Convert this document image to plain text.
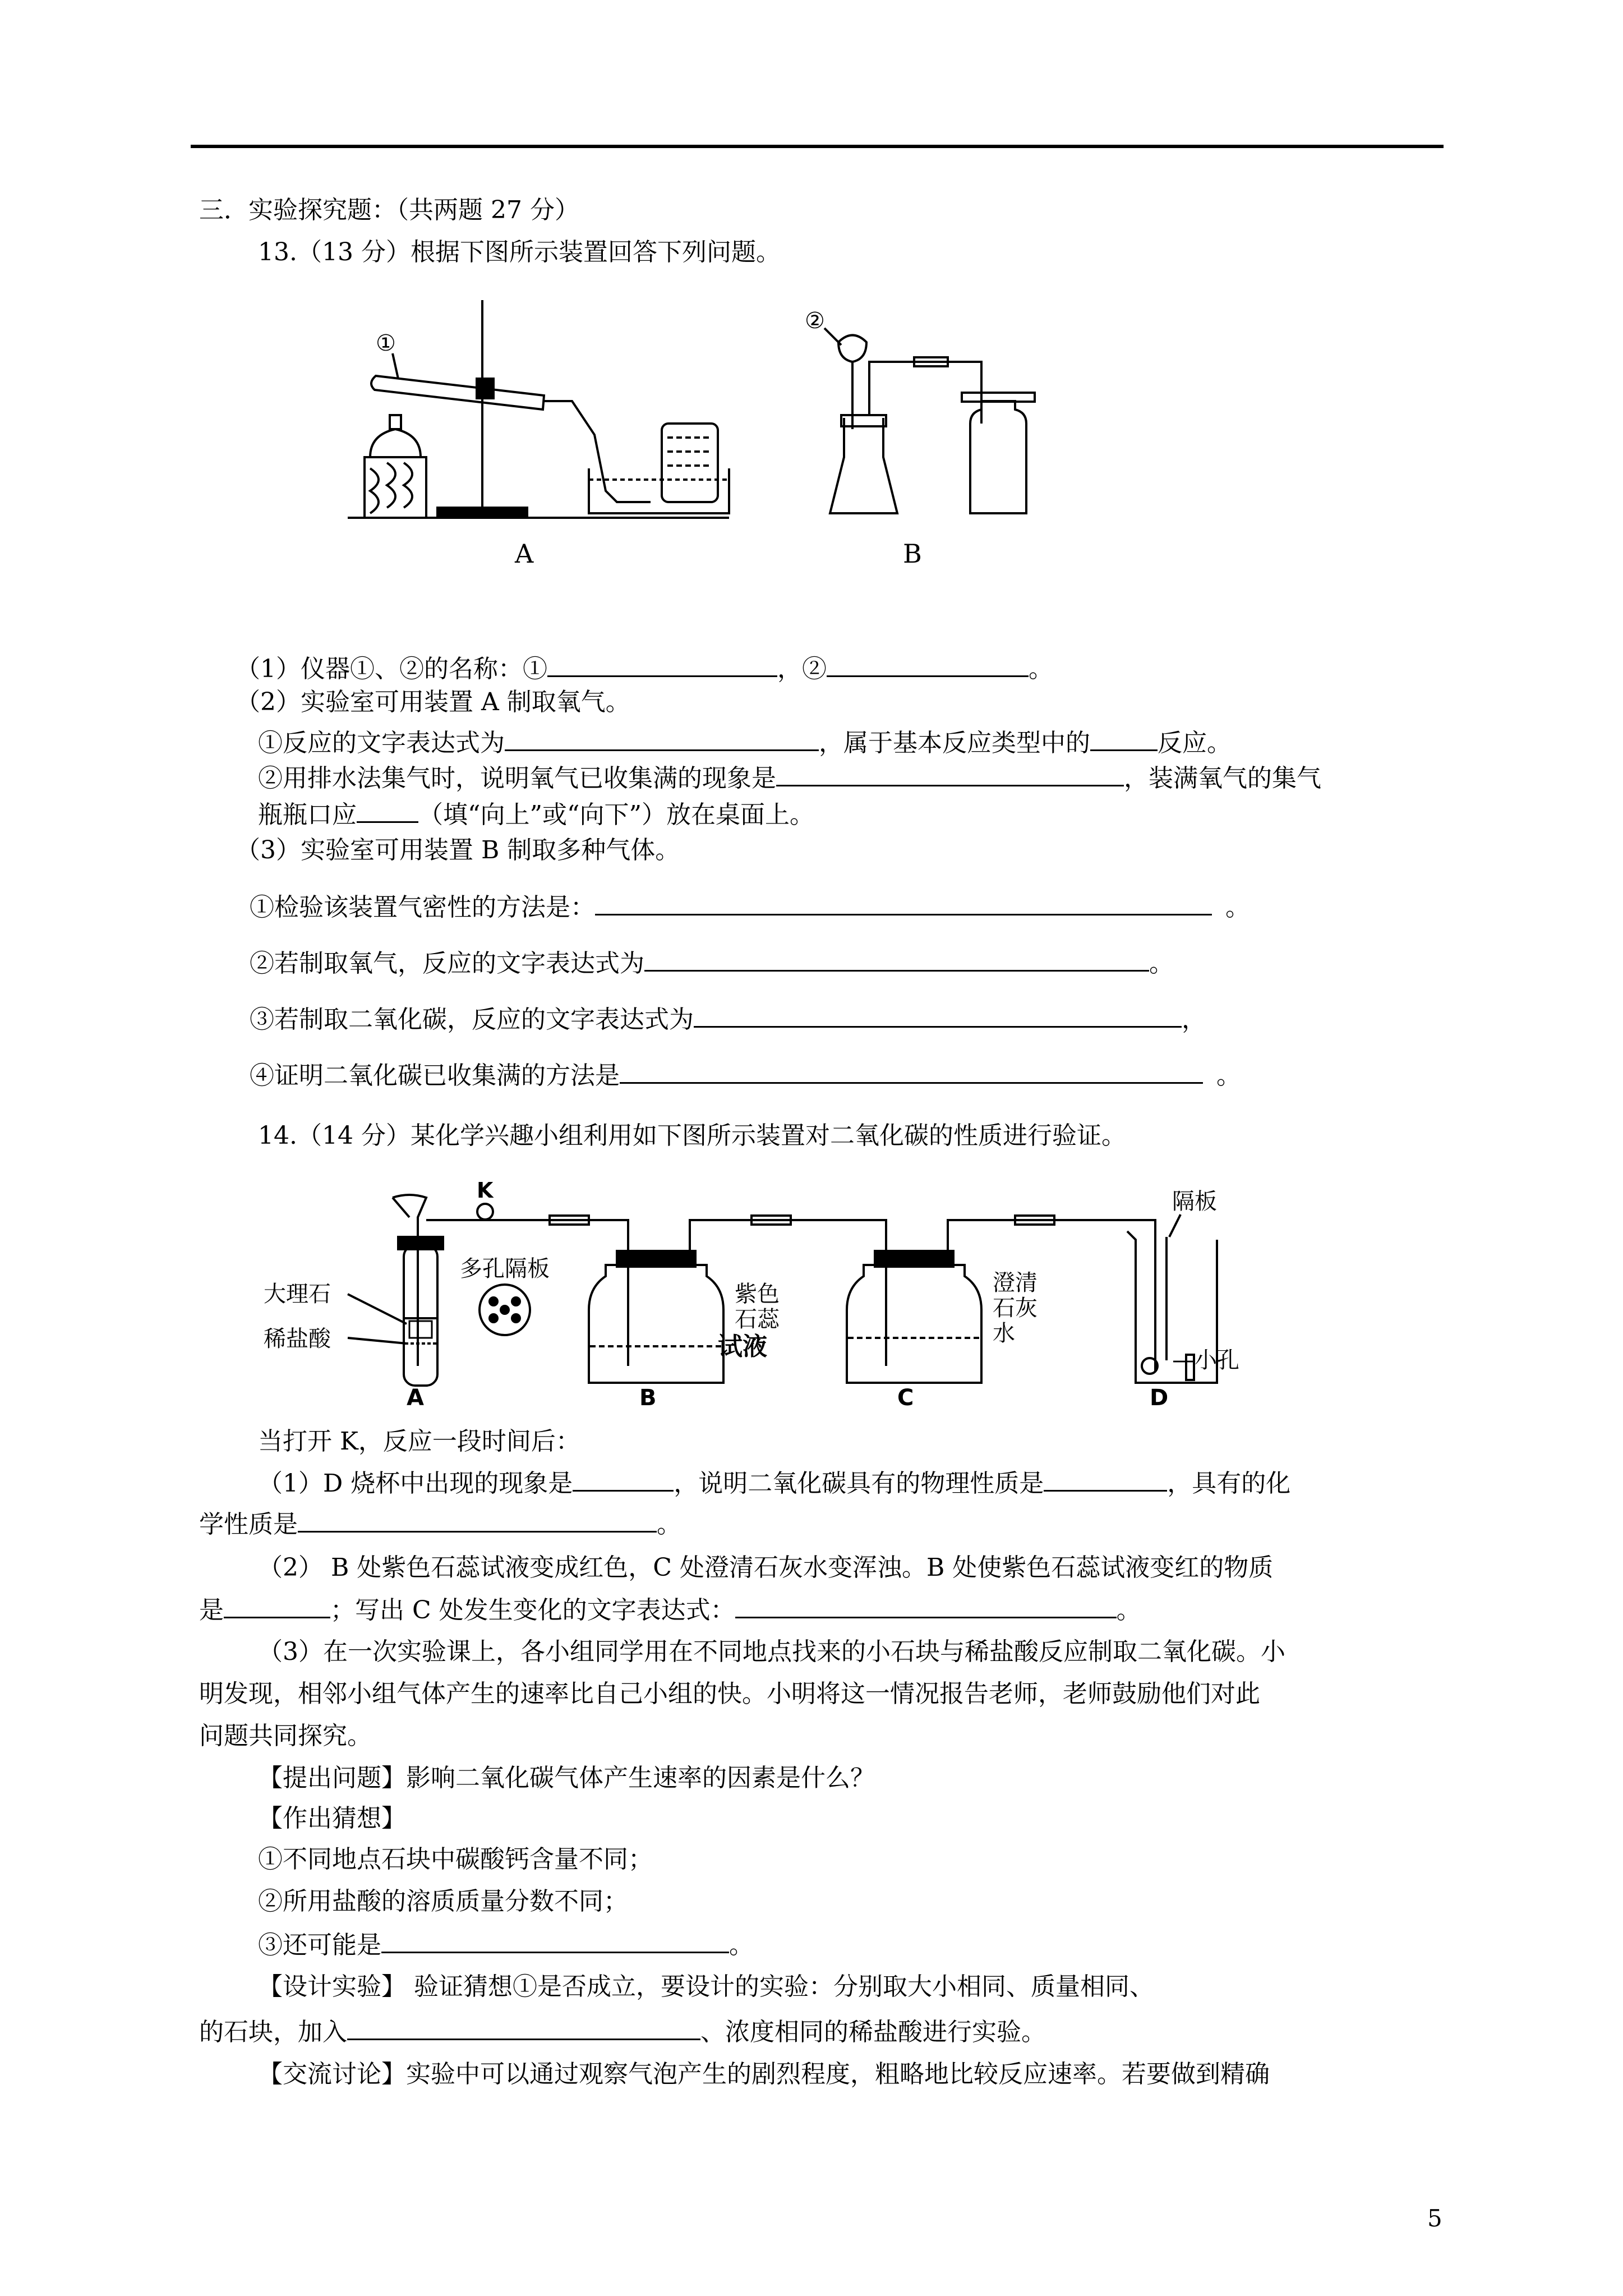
三．实验探究题：（共两题 27 分）
13.（13 分）根据下图所示装置回答下列问题。
①
②
A	B
（1）仪器①、②的名称：①	，②	。
（2）实验室可用装置 A 制取氧气。
①反应的文字表达式为	，属于基本反应类型中的	反应。
②用排水法集气时，说明氧气已收集满的现象是	，装满氧气的集气
瓶瓶口应	（填“向上”或“向下”）放在桌面上。
（3）实验室可用装置 B 制取多种气体。
①检验该装置气密性的方法是：	。
②若制取氧气，反应的文字表达式为	。
③若制取二氧化碳，反应的文字表达式为	，
④证明二氧化碳已收集满的方法是	。
14.（14 分）某化学兴趣小组利用如下图所示装置对二氧化碳的性质进行验证。
大理石
稀盐酸
多孔隔板
A
K
紫色
石蕊
试液
B
澄清
石灰
水
C
隔板
D
—小孔
当打开 K，反应一段时间后：
（1）D 烧杯中出现的现象是	，说明二氧化碳具有的物理性质是	，具有的化
学性质是	。
（2） B 处紫色石蕊试液变成红色，C 处澄清石灰水变浑浊。B 处使紫色石蕊试液变红的物质
是	；写出 C 处发生变化的文字表达式：	。
（3）在一次实验课上，各小组同学用在不同地点找来的小石块与稀盐酸反应制取二氧化碳。小
明发现，相邻小组气体产生的速率比自己小组的快。小明将这一情况报告老师，老师鼓励他们对此
问题共同探究。
【提出问题】影响二氧化碳气体产生速率的因素是什么？
【作出猜想】
①不同地点石块中碳酸钙含量不同；
②所用盐酸的溶质质量分数不同；
③还可能是	。
【设计实验】 验证猜想①是否成立，要设计的实验：分别取大小相同、质量相同、
的石块，加入	、浓度相同的稀盐酸进行实验。
【交流讨论】实验中可以通过观察气泡产生的剧烈程度，粗略地比较反应速率。若要做到精确
5
